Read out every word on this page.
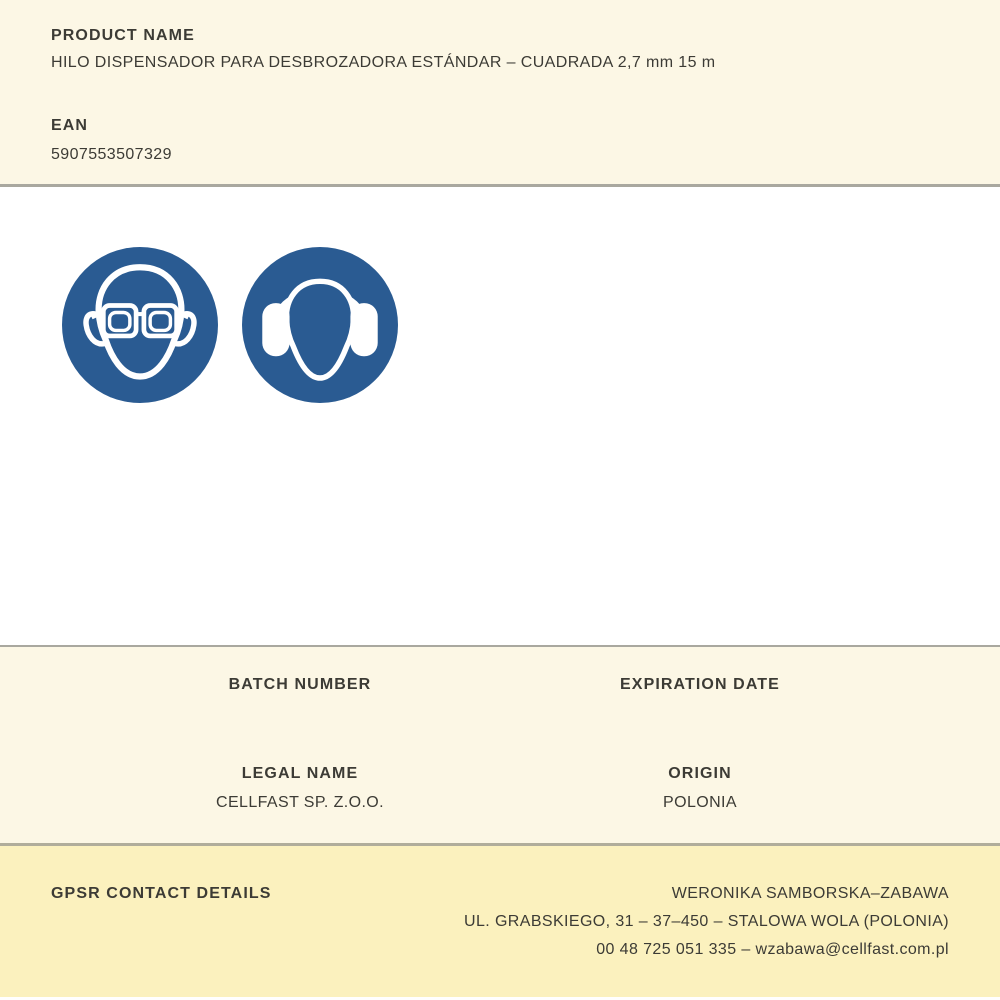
PRODUCT NAME
HILO DISPENSADOR PARA DESBROZADORA ESTÁNDAR – CUADRADA 2,7 mm 15 m
EAN
5907553507329
BATCH NUMBER	EXPIRATION DATE
LEGAL NAME
CELLFAST SP. Z.O.O.
ORIGIN
POLONIA
GPSR CONTACT DETAILS	WERONIKA SAMBORSKA–ZABAWA
UL. GRABSKIEGO, 31 – 37–450 – STALOWA WOLA (POLONIA)
00 48 725 051 335 – wzabawa@cellfast.com.pl
